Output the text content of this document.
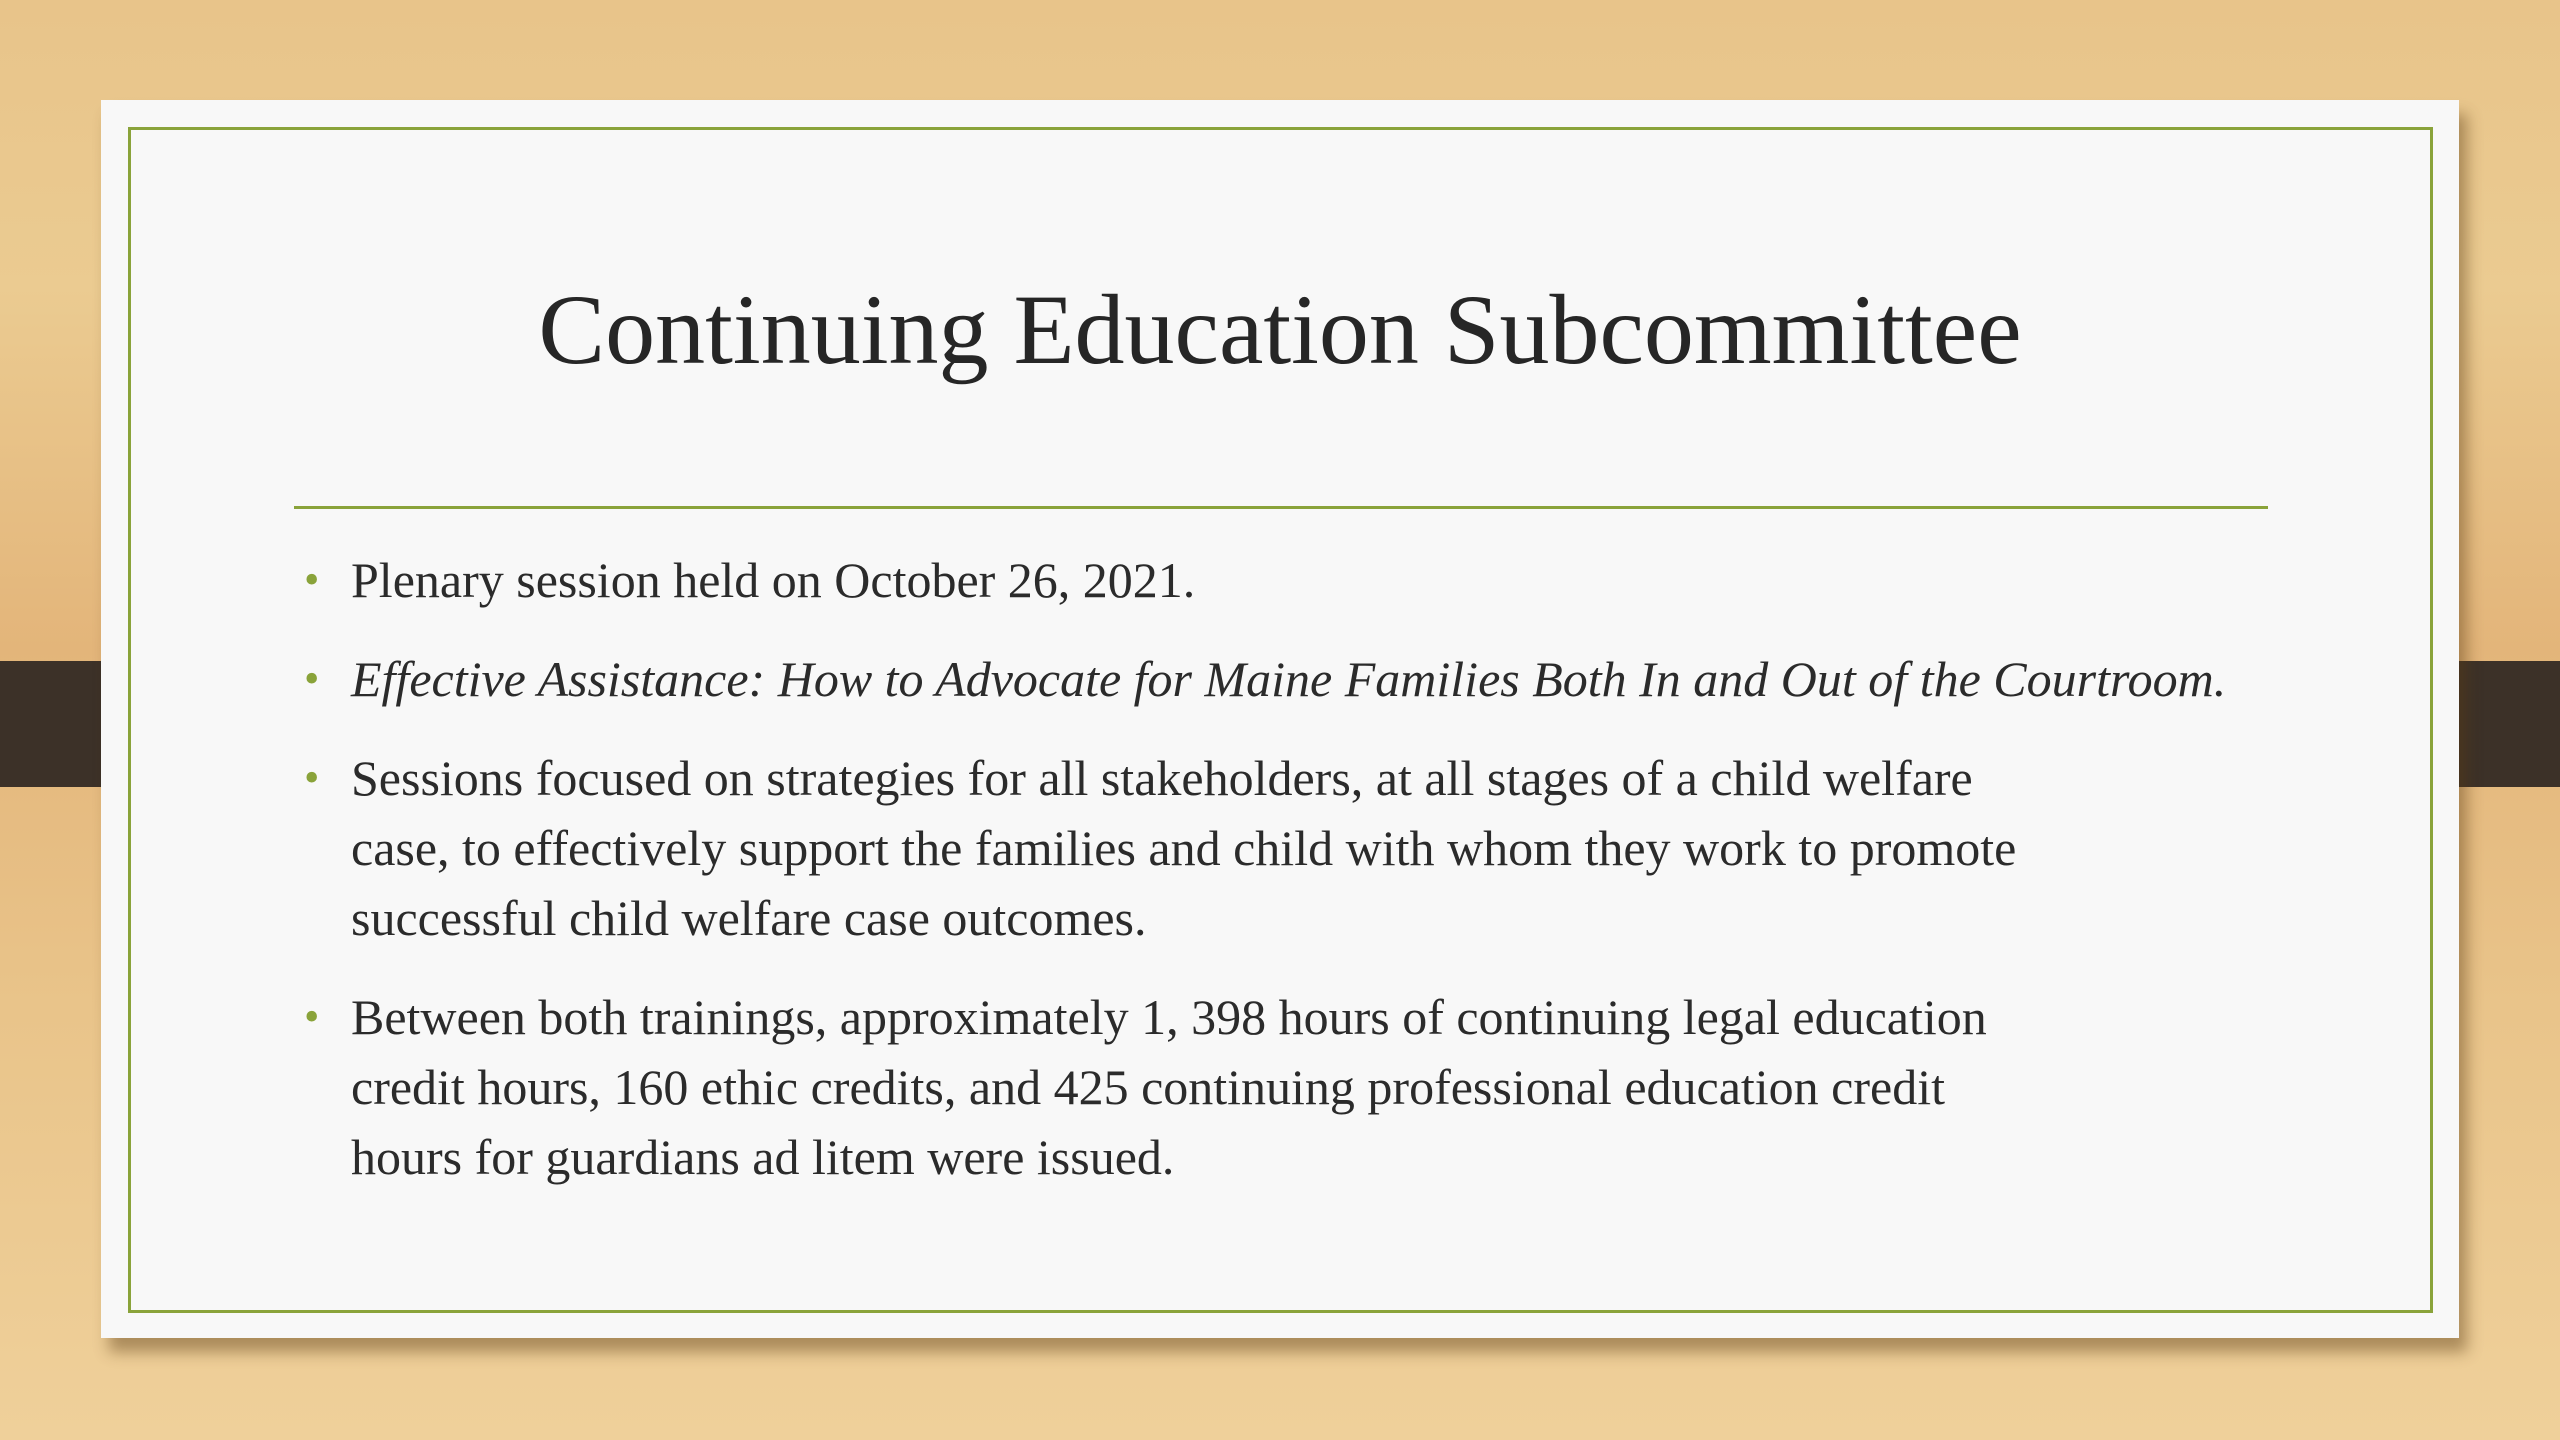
Continuing Education Subcommittee
• Plenary session held on October 26, 2021.
• Effective Assistance: How to Advocate for Maine Families Both In and Out of the Courtroom.
• Sessions focused on strategies for all stakeholders, at all stages of a child welfare
case, to effectively support the families and child with whom they work to promote
successful child welfare case outcomes.
• Between both trainings, approximately 1, 398 hours of continuing legal education
credit hours, 160 ethic credits, and 425 continuing professional education credit
hours for guardians ad litem were issued.
